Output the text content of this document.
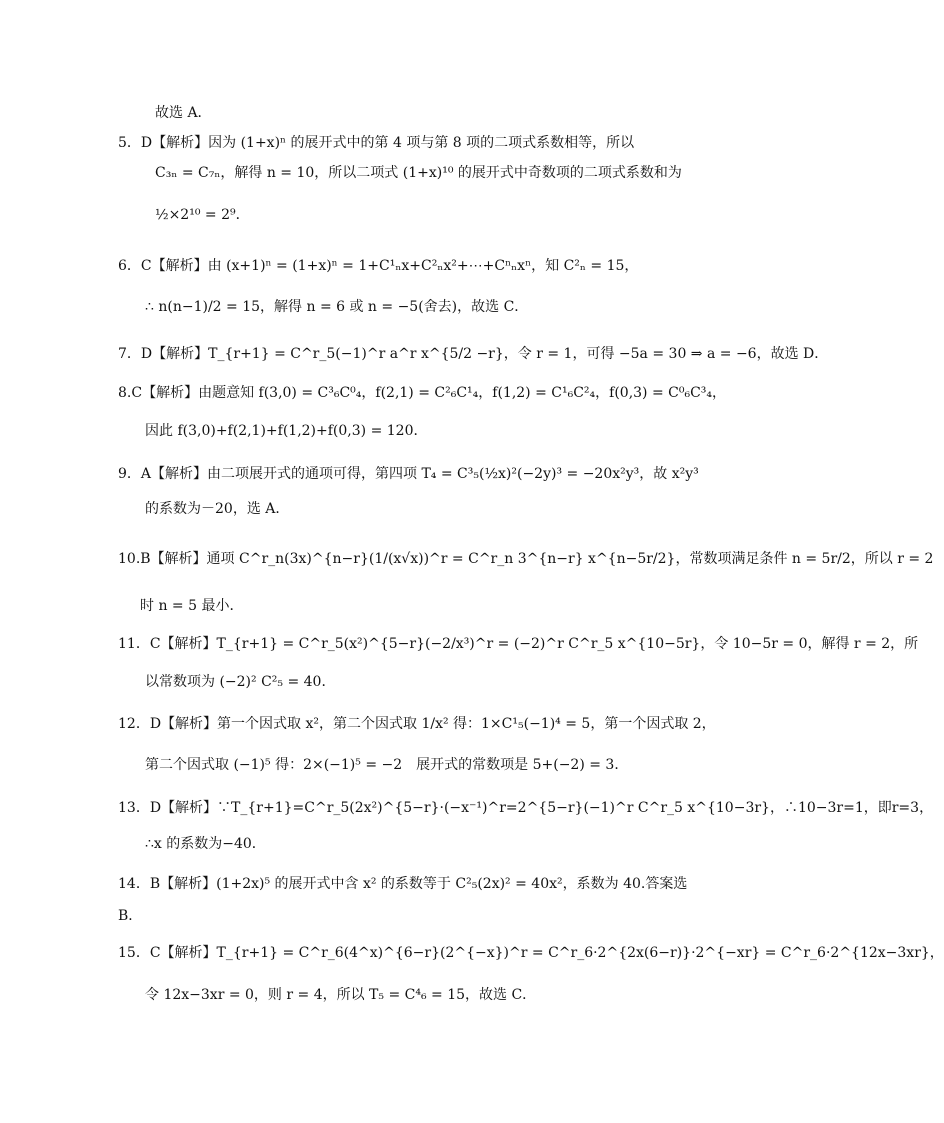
故选 A．
5．D【解析】因为 (1+x)ⁿ 的展开式中的第 4 项与第 8 项的二项式系数相等，所以
C₃ₙ = C₇ₙ，解得 n = 10，所以二项式 (1+x)¹⁰ 的展开式中奇数项的二项式系数和为
½×2¹⁰ = 2⁹．
6．C【解析】由 (x+1)ⁿ = (1+x)ⁿ = 1+C¹ₙx+C²ₙx²+⋯+Cⁿₙxⁿ，知 C²ₙ = 15，
∴ n(n−1)/2 = 15，解得 n = 6 或 n = −5(舍去)，故选 C．
7．D【解析】T_{r+1} = C^r_5(−1)^r a^r x^{5/2 −r}，令 r = 1，可得 −5a = 30 ⇒ a = −6，故选 D．
8.C【解析】由题意知 f(3,0) = C³₆C⁰₄，f(2,1) = C²₆C¹₄，f(1,2) = C¹₆C²₄，f(0,3) = C⁰₆C³₄，
因此 f(3,0)+f(2,1)+f(1,2)+f(0,3) = 120．
9．A【解析】由二项展开式的通项可得，第四项 T₄ = C³₅(½x)²(−2y)³ = −20x²y³，故 x²y³
的系数为－20，选 A．
10.B【解析】通项 C^r_n(3x)^{n−r}(1/(x√x))^r = C^r_n 3^{n−r} x^{n−5r/2}，常数项满足条件 n = 5r/2，所以 r = 2
时 n = 5 最小．
11．C【解析】T_{r+1} = C^r_5(x²)^{5−r}(−2/x³)^r = (−2)^r C^r_5 x^{10−5r}，令 10−5r = 0，解得 r = 2，所
以常数项为 (−2)² C²₅ = 40．
12．D【解析】第一个因式取 x²，第二个因式取 1/x² 得：1×C¹₅(−1)⁴ = 5，第一个因式取 2，
第二个因式取 (−1)⁵ 得：2×(−1)⁵ = −2　展开式的常数项是 5+(−2) = 3．
13．D【解析】∵T_{r+1}=C^r_5(2x²)^{5−r}·(−x⁻¹)^r=2^{5−r}(−1)^r C^r_5 x^{10−3r}，∴10−3r=1，即r=3，
∴x 的系数为−40．
14．B【解析】(1+2x)⁵ 的展开式中含 x² 的系数等于 C²₅(2x)² = 40x²，系数为 40.答案选
B．
15．C【解析】T_{r+1} = C^r_6(4^x)^{6−r}(2^{−x})^r = C^r_6·2^{2x(6−r)}·2^{−xr} = C^r_6·2^{12x−3xr}，
令 12x−3xr = 0，则 r = 4，所以 T₅ = C⁴₆ = 15，故选 C．
